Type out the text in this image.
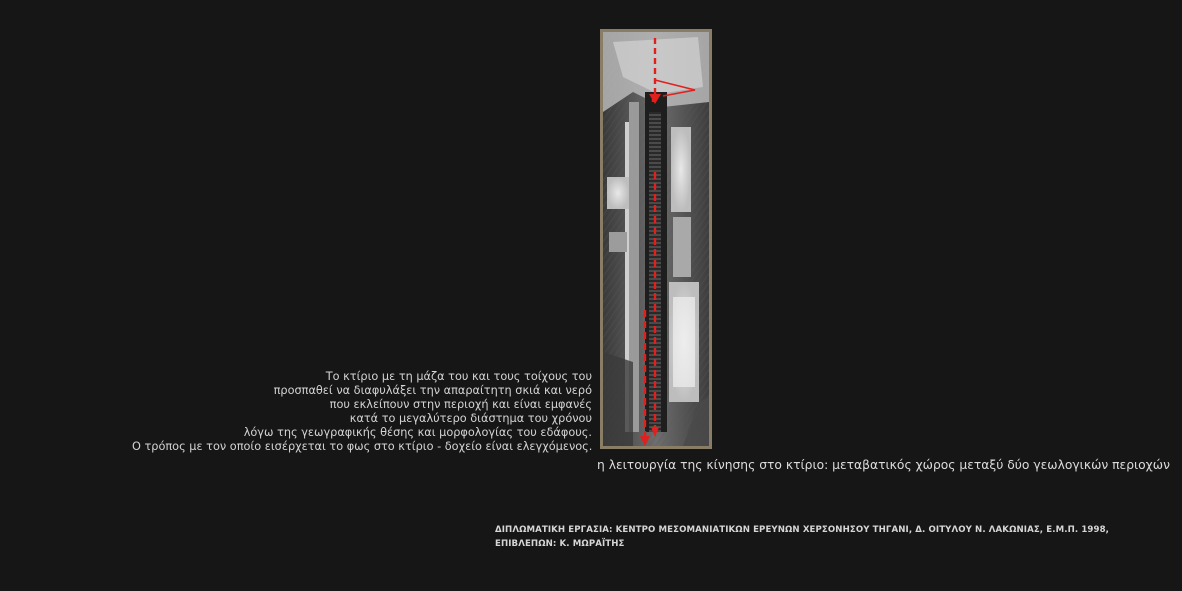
Το κτίριο με τη μάζα του και τους τοίχους του
προσπαθεί να διαφυλάξει την απαραίτητη σκιά και νερό
που εκλείπουν στην περιοχή και είναι εμφανές
κατά το μεγαλύτερο διάστημα του χρόνου
λόγω της γεωγραφικής θέσης και μορφολογίας του εδάφους.
Ο τρόπος με τον οποίο εισέρχεται το φως στο κτίριο - δοχείο είναι ελεγχόμενος.
η λειτουργία της κίνησης στο κτίριο: μεταβατικός χώρος μεταξύ δύο γεωλογικών περιοχών
ΔΙΠΛΩΜΑΤΙΚΗ ΕΡΓΑΣΙΑ: ΚΕΝΤΡΟ ΜΕΣΟΜΑΝΙΑΤΙΚΩΝ ΕΡΕΥΝΩΝ ΧΕΡΣΟΝΗΣΟΥ ΤΗΓΑΝΙ, Δ. ΟΙΤΥΛΟΥ Ν. ΛΑΚΩΝΙΑΣ, Ε.Μ.Π. 1998,
ΕΠΙΒΛΕΠΩΝ: Κ. ΜΩΡΑΪΤΗΣ
